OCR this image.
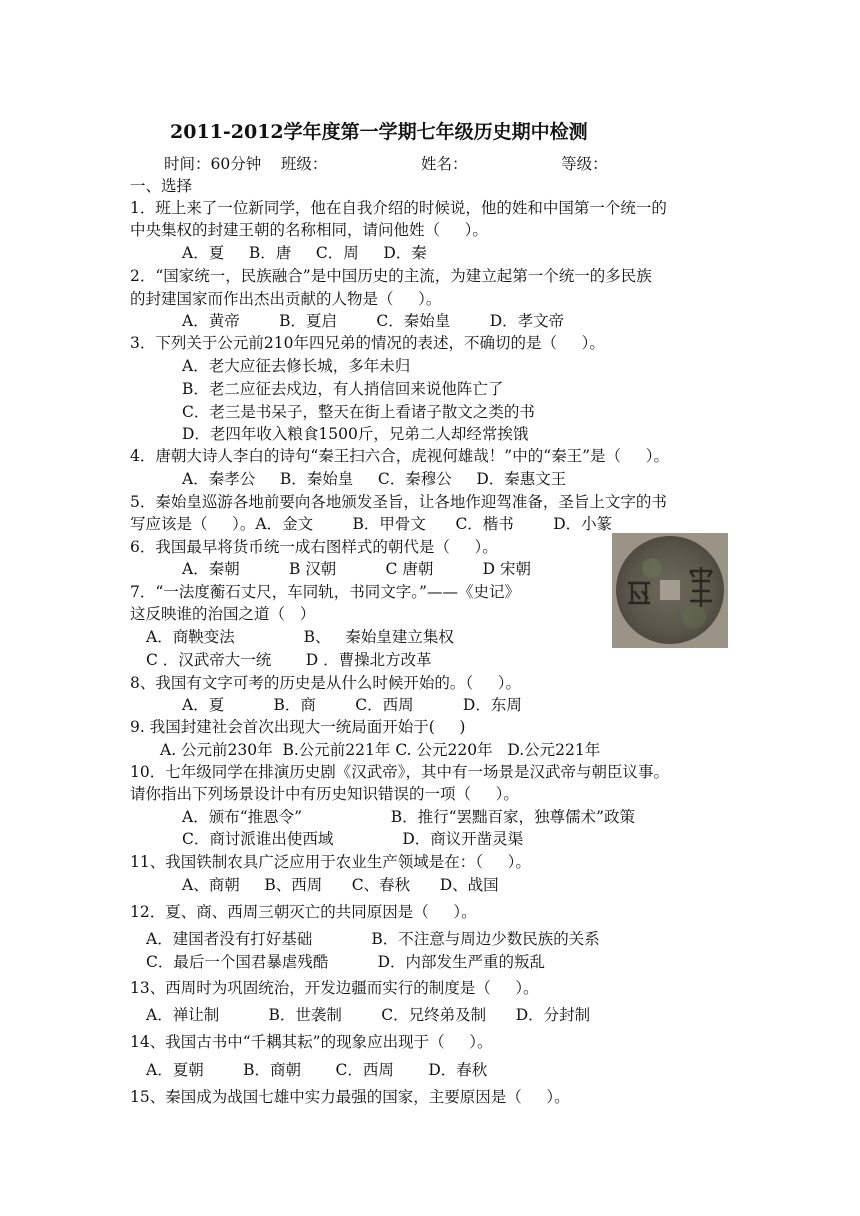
2011-2012学年度第一学期七年级历史期中检测
时间：60分钟    班级：                   姓名：                   等级：
一、选择
1．班上来了一位新同学，他在自我介绍的时候说，他的姓和中国第一个统一的
中央集权的封建王朝的名称相同，请问他姓（     ）。
A．夏     B．唐     C．周     D．秦
2．“国家统一，民族融合”是中国历史的主流，为建立起第一个统一的多民族
的封建国家而作出杰出贡献的人物是（     ）。
A．黄帝        B．夏启        C．秦始皇        D．孝文帝
3．下列关于公元前210年四兄弟的情况的表述，不确切的是（     ）。
A．老大应征去修长城，多年未归
B．老二应征去戍边，有人捎信回来说他阵亡了
C．老三是书呆子，整天在街上看诸子散文之类的书
D．老四年收入粮食1500斤，兄弟二人却经常挨饿
4．唐朝大诗人李白的诗句“秦王扫六合，虎视何雄哉！”中的“秦王”是（     ）。
A．秦孝公     B．秦始皇     C．秦穆公     D．秦惠文王
5．秦始皇巡游各地前要向各地颁发圣旨，让各地作迎驾准备，圣旨上文字的书
写应该是（     ）。A．金文        B．甲骨文      C．楷书        D．小篆
6．我国最早将货币统一成右图样式的朝代是（     ）。
A．秦朝          B 汉朝          C 唐朝          D 宋朝
7．“一法度蘅石丈尺，车同轨，书同文字。”——《史记》
这反映谁的治国之道（   ）
A．商鞅变法              B、   秦始皇建立集权
C ．汉武帝大一统       D ．曹操北方改革
8、我国有文字可考的历史是从什么时候开始的。（     ）。
A．夏          B．商        C．西周          D．东周
9. 我国封建社会首次出现大一统局面开始于(     )
A. 公元前230年  B.公元前221年 C. 公元220年   D.公元221年
10．七年级同学在排演历史剧《汉武帝》，其中有一场景是汉武帝与朝臣议事。
请你指出下列场景设计中有历史知识错误的一项（     ）。
A．颁布“推恩令”                  B．推行“罢黜百家，独尊儒术”政策
C．商讨派谁出使西域              D．商议开凿灵渠
11、我国铁制农具广泛应用于农业生产领域是在：（     ）。
A、商朝     B、西周      C、春秋      D、战国
12．夏、商、西周三朝灭亡的共同原因是（     ）。
A．建国者没有打好基础            B．不注意与周边少数民族的关系
C．最后一个国君暴虐残酷          D．内部发生严重的叛乱
13、西周时为巩固统治，开发边疆而实行的制度是（     ）。
A．禅让制          B．世袭制        C．兄终弟及制      D．分封制
14、我国古书中“千耦其耘”的现象应出现于（     ）。
A．夏朝        B．商朝       C．西周       D．春秋
15、秦国成为战国七雄中实力最强的国家，主要原因是（     ）。
